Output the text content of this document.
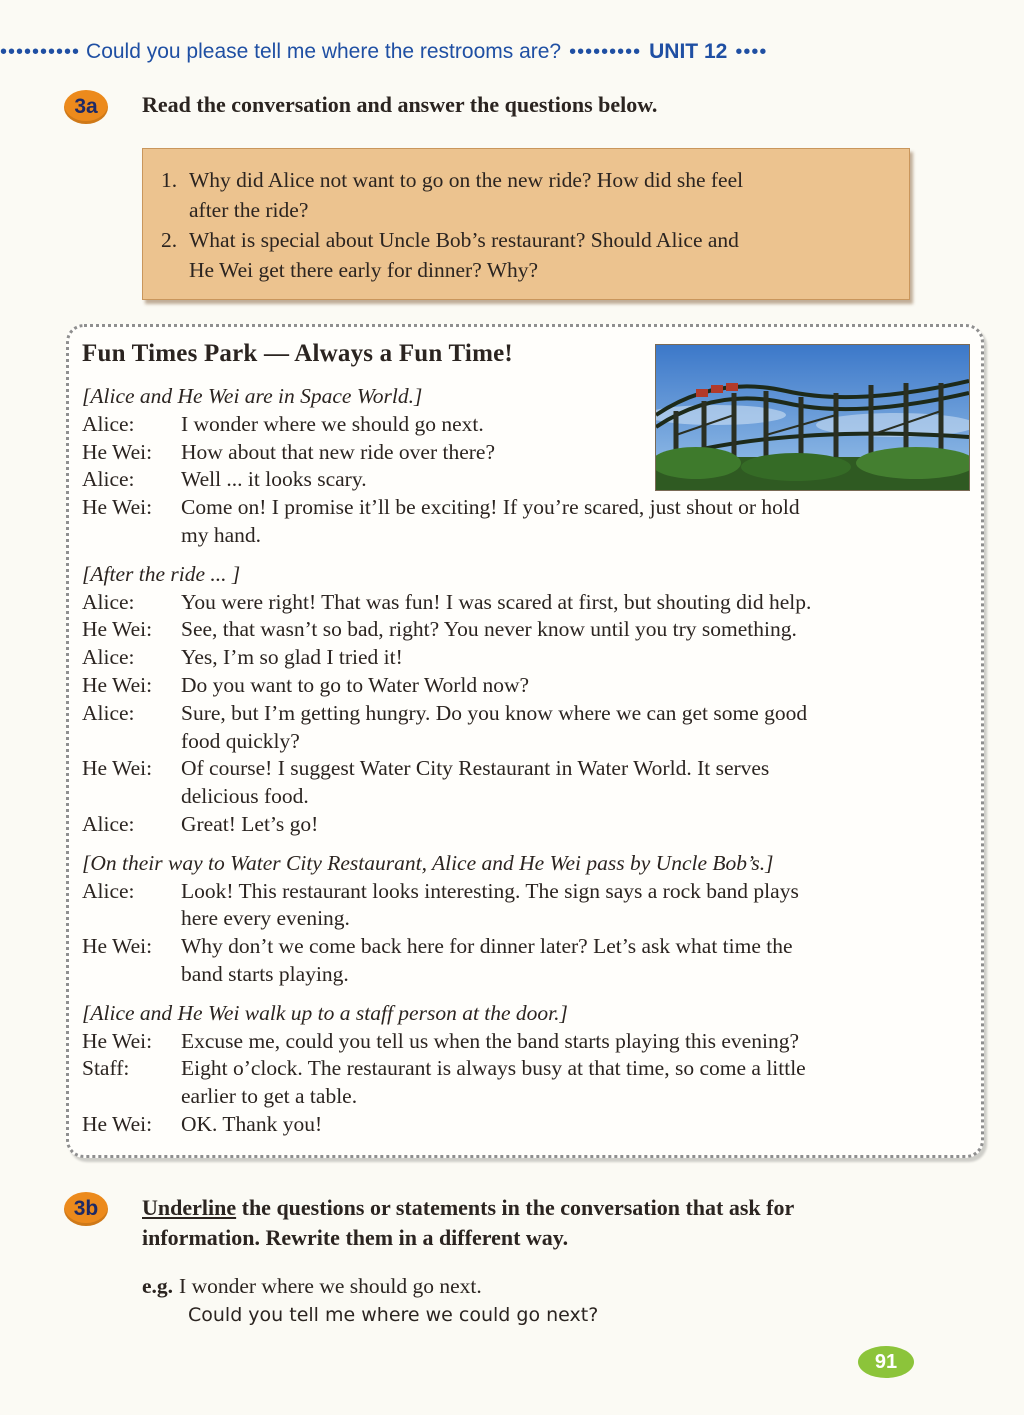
•••••••••• Could you please tell me where the restrooms are? ••••••••• UNIT 12 ••••
3a	Read the conversation and answer the questions below.
1. Why did Alice not want to go on the new ride? How did she feel
after the ride?
2. What is special about Uncle Bob’s restaurant? Should Alice and
He Wei get there early for dinner? Why?
Fun Times Park — Always a Fun Time!
[Alice and He Wei are in Space World.]
Alice:	I wonder where we should go next.
He Wei:	How about that new ride over there?
Alice:	Well ... it looks scary.
He Wei:	Come on! I promise it’ll be exciting! If you’re scared, just shout or hold
my hand.
[After the ride ... ]
Alice:	You were right! That was fun! I was scared at first, but shouting did help.
He Wei:	See, that wasn’t so bad, right? You never know until you try something.
Alice:	Yes, I’m so glad I tried it!
He Wei:	Do you want to go to Water World now?
Alice:	Sure, but I’m getting hungry. Do you know where we can get some good
food quickly?
He Wei:	Of course! I suggest Water City Restaurant in Water World. It serves
delicious food.
Alice:	Great! Let’s go!
[On their way to Water City Restaurant, Alice and He Wei pass by Uncle Bob’s.]
Alice:	Look! This restaurant looks interesting. The sign says a rock band plays
here every evening.
He Wei:	Why don’t we come back here for dinner later? Let’s ask what time the
band starts playing.
[Alice and He Wei walk up to a staff person at the door.]
He Wei:	Excuse me, could you tell us when the band starts playing this evening?
Staff:	Eight o’clock. The restaurant is always busy at that time, so come a little
earlier to get a table.
He Wei:	OK. Thank you!
3b	Underline the questions or statements in the conversation that ask for
information. Rewrite them in a different way.
e.g. I wonder where we should go next.
Could you tell me where we could go next?
91
